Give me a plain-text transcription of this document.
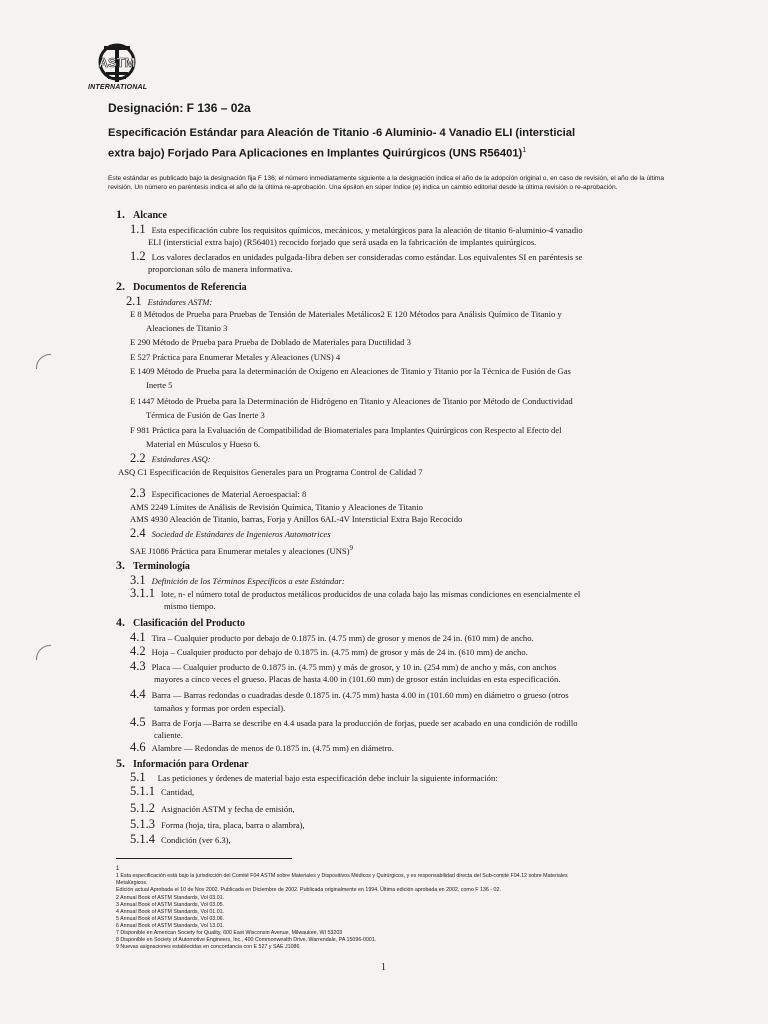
ASTM
INTERNATIONAL
Designación: F 136 – 02a
Especificación Estándar para Aleación de Titanio -6 Aluminio- 4 Vanadio ELI (intersticial
extra bajo) Forjado Para Aplicaciones en Implantes Quirúrgicos (UNS R56401)$^1$
Este estándar es publicado bajo la designación fija F 136; el número inmediatamente siguiente a la designación indica el año de la adopción original o, en caso de revisión, el año de la última revisión. Un número en paréntesis indica el año de la última re-aprobación. Una épsilon en súper índice (e) indica un cambio editorial desde la última revisión o re-aprobación.
1. Alcance
1.1 Esta especificación cubre los requisitos químicos, mecánicos, y metalúrgicos para la aleación de titanio 6-aluminio-4 vanadio
ELI (intersticial extra bajo) (R56401) recocido forjado que será usada en la fabricación de implantes quirúrgicos.
1.2 Los valores declarados en unidades pulgada-libra deben ser consideradas como estándar. Los equivalentes SI en paréntesis se
proporcionan sólo de manera informativa.
2. Documentos de Referencia
2.1 Estándares ASTM:
E 8 Métodos de Prueba para Pruebas de Tensión de Materiales Metálicos2 E 120 Métodos para Análisis Químico de Titanio y
Aleaciones de Titanio 3
E 290 Método de Prueba para Prueba de Doblado de Materiales para Ductilidad 3
E 527 Práctica para Enumerar Metales y Aleaciones (UNS) 4
E 1409 Método de Prueba para la determinación de Oxígeno en Aleaciones de Titanio y Titanio por la Técnica de Fusión de Gas
Inerte 5
E 1447 Método de Prueba para la Determinación de Hidrógeno en Titanio y Aleaciones de Titanio por Método de Conductividad
Térmica de Fusión de Gas Inerte 3
F 981 Práctica para la Evaluación de Compatibilidad de Biomateriales para Implantes Quirúrgicos con Respecto al Efecto del
Material en Músculos y Hueso 6.
2.2 Estándares ASQ:
ASQ C1 Especificación de Requisitos Generales para un Programa Control de Calidad 7
2.3 Especificaciones de Material Aeroespacial: 8
AMS 2249 Límites de Análisis de Revisión Química, Titanio y Aleaciones de Titanio
AMS 4930 Aleación de Titanio, barras, Forja y Anillos 6AL-4V Intersticial Extra Bajo Recocido
2.4 Sociedad de Estándares de Ingenieros Automotrices
SAE J1086 Práctica para Enumerar metales y aleaciones (UNS)$^9$
3. Terminología
3.1 Definición de los Términos Específicos a este Estándar:
3.1.1 lote, n- el número total de productos metálicos producidos de una colada bajo las mismas condiciones en esencialmente el
mismo tiempo.
4. Clasificación del Producto
4.1 Tira – Cualquier producto por debajo de 0.1875 in. (4.75 mm) de grosor y menos de 24 in. (610 mm) de ancho.
4.2 Hoja – Cualquier producto por debajo de 0.1875 in. (4.75 mm) de grosor y más de 24 in. (610 mm) de ancho.
4.3 Placa — Cualquier producto de 0.1875 in. (4.75 mm) y más de grosor, y 10 in. (254 mm) de ancho y más, con anchos
mayores a cinco veces el grueso. Placas de hasta 4.00 in (101.60 mm) de grosor están incluidas en esta especificación.
4.4 Barra — Barras redondas o cuadradas desde 0.1875 in. (4.75 mm) hasta 4.00 in (101.60 mm) en diámetro o grueso (otros
tamaños y formas por orden especial).
4.5 Barra de Forja —Barra se describe en 4.4 usada para la producción de forjas, puede ser acabado en una condición de rodillo
caliente.
4.6 Alambre — Redondas de menos de 0.1875 in. (4.75 mm) en diámetro.
5. Información para Ordenar
5.1 Las peticiones y órdenes de material bajo esta especificación debe incluir la siguiente información:
5.1.1 Cantidad,
5.1.2 Asignación ASTM y fecha de emisión,
5.1.3 Forma (hoja, tira, placa, barra o alambra),
5.1.4 Condición (ver 6.3),
1
1 Esta especificación está bajo la jurisdicción del Comité F04 ASTM sobre Materiales y Dispositivos Médicos y Quirúrgicos, y es responsabilidad directa del Sub-comité F04.12 sobre Materiales
Metalúrgicos.
Edición actual Aprobada el 10 de Nov 2002. Publicada en Diciembre de 2002. Publicada originalmente en 1994. Última edición aprobada en 2002, como F 136 - 02.
2 Annual Book of ASTM Standards, Vol 03.01.
3 Annual Book of ASTM Standards, Vol 03.05.
4 Annual Book of ASTM Standards, Vol 01.01.
5 Annual Book of ASTM Standards, Vol 03.06.
6 Annual Book of ASTM Standards, Vol 13.01.
7 Disponible en American Society for Quality, 600 East Wisconsin Avenue, Milwaukee, WI 53203
8 Disponible en Society of Automotive Engineers, Inc., 400 Commonwealth Drive, Warrendale, PA 15096-0001.
9 Nuevas asignaciones establecidas en concordancia con E 527 y SAE J1086
1
